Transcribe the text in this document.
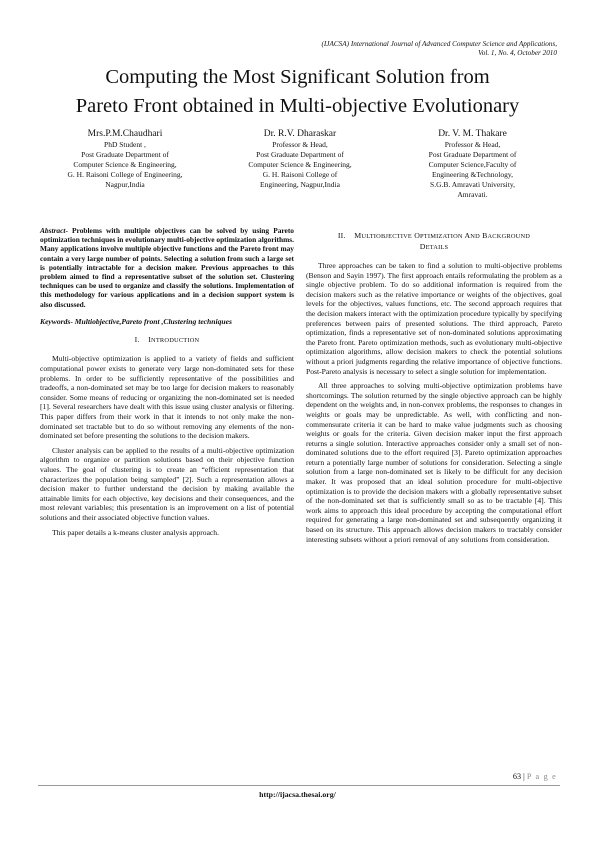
(IJACSA) International Journal of Advanced Computer Science and Applications,
Vol. 1, No. 4, October 2010
Computing the Most Significant Solution from
Pareto Front obtained in Multi-objective Evolutionary
Mrs.P.M.Chaudhari
PhD Student ,
Post Graduate Department of
Computer Science & Engineering,
G. H. Raisoni College of Engineering,
Nagpur,India
Dr. R.V. Dharaskar
Professor & Head,
Post Graduate Department of
Computer Science & Engineering,
G. H. Raisoni College of
Engineering, Nagpur,India
Dr. V. M. Thakare
Professor & Head,
Post Graduate Department of
Computer Science,Faculty of
Engineering &Technology,
S.G.B. Amravati University,
Amravati.

Abstract- Problems with multiple objectives can be solved by using Pareto optimization techniques in evolutionary multi-objective optimization algorithms. Many applications involve multiple objective functions and the Pareto front may contain a very large number of points. Selecting a solution from such a large set is potentially intractable for a decision maker. Previous approaches to this problem aimed to find a representative subset of the solution set. Clustering techniques can be used to organize and classify the solutions. Implementation of this methodology for various applications and in a decision support system is also discussed.

Keywords- Multiobjective,Pareto front ,Clustering techniques

I. INTRODUCTION

Multi-objective optimization is applied to a variety of fields and sufficient computational power exists to generate very large non-dominated sets for these problems. In order to be sufficiently representative of the possibilities and tradeoffs, a non-dominated set may be too large for decision makers to reasonably consider. Some means of reducing or organizing the non-dominated set is needed [1]. Several researchers have dealt with this issue using cluster analysis or filtering. This paper differs from their work in that it intends to not only make the non-dominated set tractable but to do so without removing any elements of the non-dominated set before presenting the solutions to the decision makers.

Cluster analysis can be applied to the results of a multi-objective optimization algorithm to organize or partition solutions based on their objective function values. The goal of clustering is to create an “efficient representation that characterizes the population being sampled” [2]. Such a representation allows a decision maker to further understand the decision by making available the attainable limits for each objective, key decisions and their consequences, and the most relevant variables; this presentation is an improvement on a list of potential solutions and their associated objective function values.

This paper details a k-means cluster analysis approach.

II. MULTIOBJECTIVE OPTIMIZATION AND BACKGROUND
DETAILS

Three approaches can be taken to find a solution to multi-objective problems (Benson and Sayin 1997). The first approach entails reformulating the problem as a single objective problem. To do so additional information is required from the decision makers such as the relative importance or weights of the objectives, goal levels for the objectives, values functions, etc. The second approach requires that the decision makers interact with the optimization procedure typically by specifying preferences between pairs of presented solutions. The third approach, Pareto optimization, finds a representative set of non-dominated solutions approximating the Pareto front. Pareto optimization methods, such as evolutionary multi-objective optimization algorithms, allow decision makers to check the potential solutions without a priori judgments regarding the relative importance of objective functions. Post-Pareto analysis is necessary to select a single solution for implementation.

All three approaches to solving multi-objective optimization problems have shortcomings. The solution returned by the single objective approach can be highly dependent on the weights and, in non-convex problems, the responses to changes in weights or goals may be unpredictable. As well, with conflicting and non-commensurate criteria it can be hard to make value judgments such as choosing weights or goals for the criteria. Given decision maker input the first approach returns a single solution. Interactive approaches consider only a small set of non-dominated solutions due to the effort required [3]. Pareto optimization approaches return a potentially large number of solutions for consideration. Selecting a single solution from a large non-dominated set is likely to be difficult for any decision maker. It was proposed that an ideal solution procedure for multi-objective optimization is to provide the decision makers with a globally representative subset of the non-dominated set that is sufficiently small so as to be tractable [4]. This work aims to approach this ideal procedure by accepting the computational effort required for generating a large non-dominated set and subsequently organizing it based on its structure. This approach allows decision makers to tractably consider interesting subsets without a priori removal of any solutions from consideration.

63 | P a g e
http://ijacsa.thesai.org/
